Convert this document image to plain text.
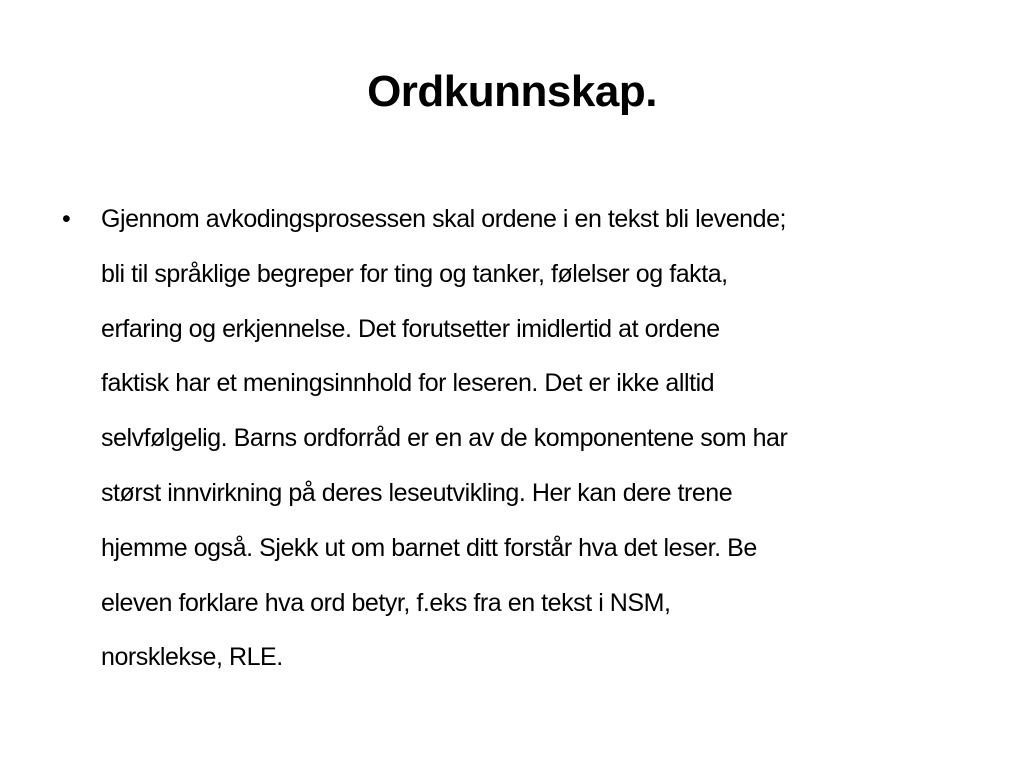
Ordkunnskap.
• Gjennom avkodingsprosessen skal ordene i en tekst bli levende;
bli til språklige begreper for ting og tanker, følelser og fakta,
erfaring og erkjennelse. Det forutsetter imidlertid at ordene
faktisk har et meningsinnhold for leseren. Det er ikke alltid
selvfølgelig. Barns ordforråd er en av de komponentene som har
størst innvirkning på deres leseutvikling. Her kan dere trene
hjemme også. Sjekk ut om barnet ditt forstår hva det leser. Be
eleven forklare hva ord betyr, f.eks fra en tekst i NSM,
norsklekse, RLE.
